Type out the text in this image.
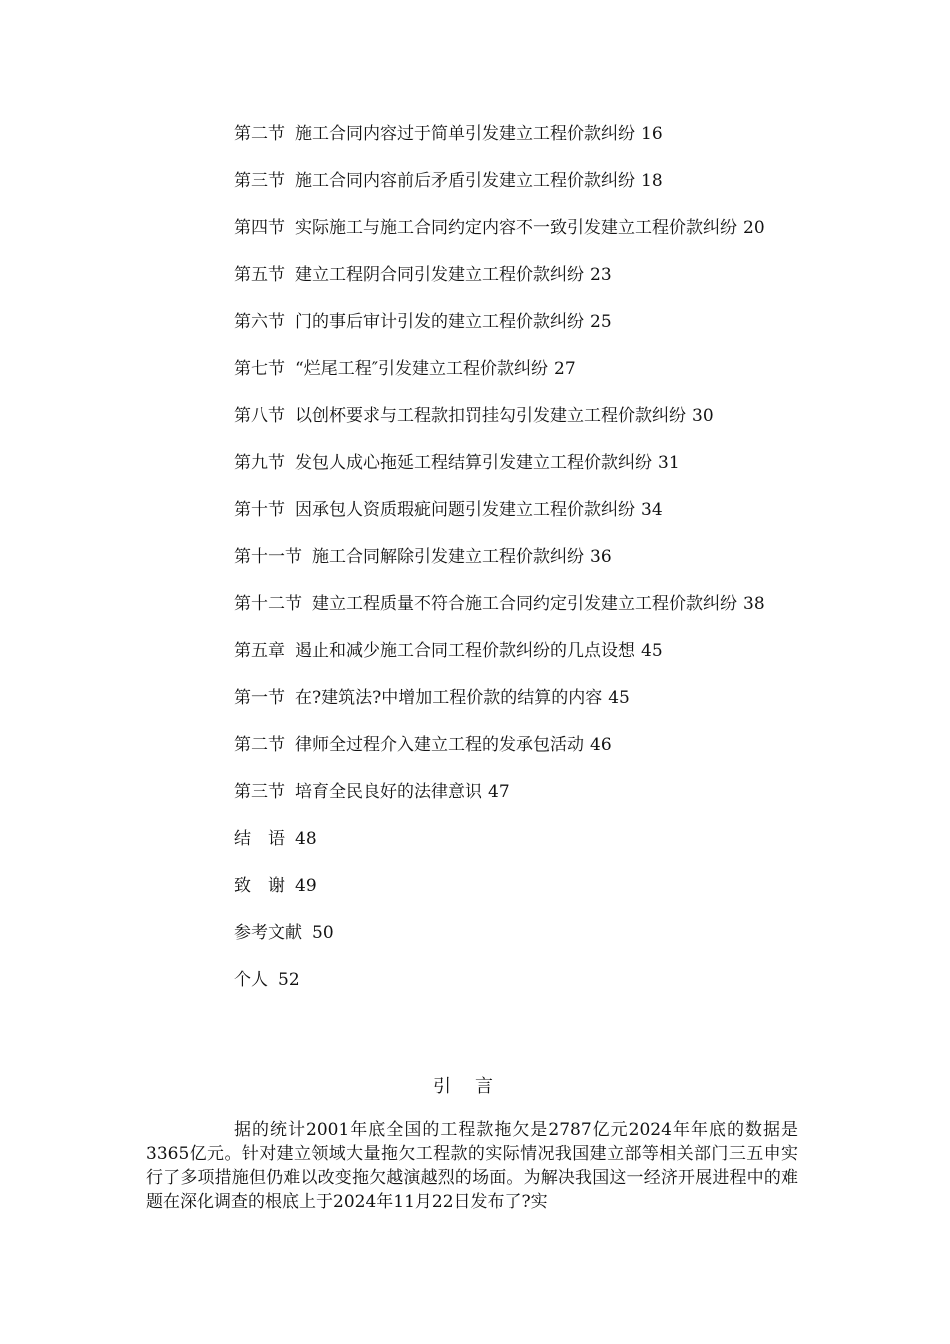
第二节 施工合同内容过于简单引发建立工程价款纠纷 16
第三节 施工合同内容前后矛盾引发建立工程价款纠纷 18
第四节 实际施工与施工合同约定内容不一致引发建立工程价款纠纷 20
第五节 建立工程阴合同引发建立工程价款纠纷 23
第六节 门的事后审计引发的建立工程价款纠纷 25
第七节 “烂尾工程″引发建立工程价款纠纷 27
第八节 以创杯要求与工程款扣罚挂勾引发建立工程价款纠纷 30
第九节 发包人成心拖延工程结算引发建立工程价款纠纷 31
第十节 因承包人资质瑕疵问题引发建立工程价款纠纷 34
第十一节 施工合同解除引发建立工程价款纠纷 36
第十二节 建立工程质量不符合施工合同约定引发建立工程价款纠纷 38
第五章 遏止和减少施工合同工程价款纠纷的几点设想 45
第一节 在?建筑法?中增加工程价款的结算的内容 45
第二节 律师全过程介入建立工程的发承包活动 46
第三节 培育全民良好的法律意识 47
结　语 48
致　谢 49
参考文献 50
个人 52
引言
据的统计2001年底全国的工程款拖欠是2787亿元2024年年底的数据是3365亿元。针对建立领域大量拖欠工程款的实际情况我国建立部等相关部门三五申实行了多项措施但仍难以改变拖欠越演越烈的场面。为解决我国这一经济开展进程中的难题在深化调查的根底上于2024年11月22日发布了?实
